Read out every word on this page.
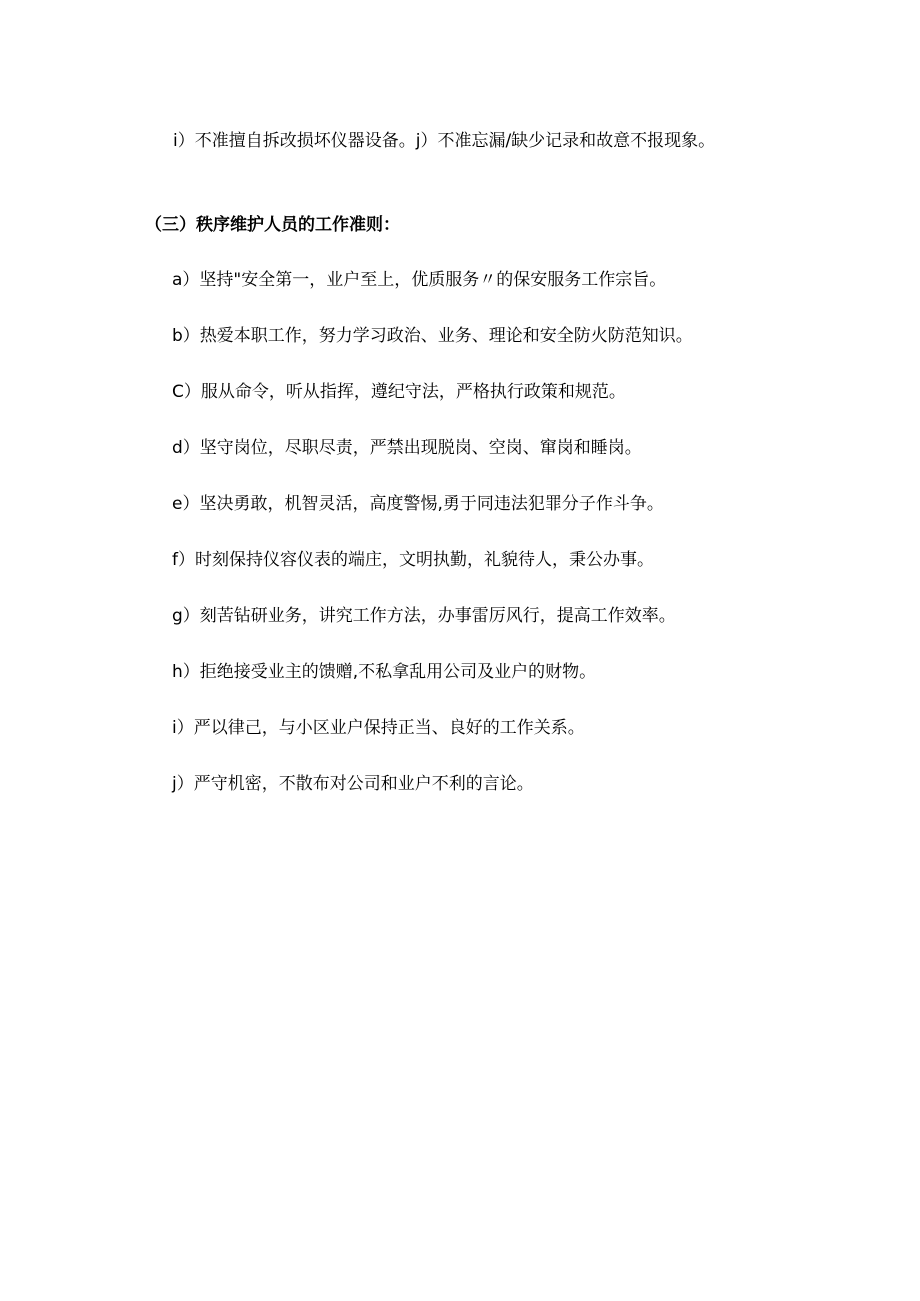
i）不准擅自拆改损坏仪器设备。j）不准忘漏/缺少记录和故意不报现象。

（三）秩序维护人员的工作准则：

a）坚持"安全第一，业户至上，优质服务〃的保安服务工作宗旨。
b）热爱本职工作，努力学习政治、业务、理论和安全防火防范知识。
C）服从命令，听从指挥，遵纪守法，严格执行政策和规范。
d）坚守岗位，尽职尽责，严禁出现脱岗、空岗、窜岗和睡岗。
e）坚决勇敢，机智灵活，高度警惕,勇于同违法犯罪分子作斗争。
f）时刻保持仪容仪表的端庄，文明执勤，礼貌待人，秉公办事。
g）刻苦钻研业务，讲究工作方法，办事雷厉风行，提高工作效率。
h）拒绝接受业主的馈赠,不私拿乱用公司及业户的财物。
i）严以律己，与小区业户保持正当、良好的工作关系。
j）严守机密，不散布对公司和业户不利的言论。
